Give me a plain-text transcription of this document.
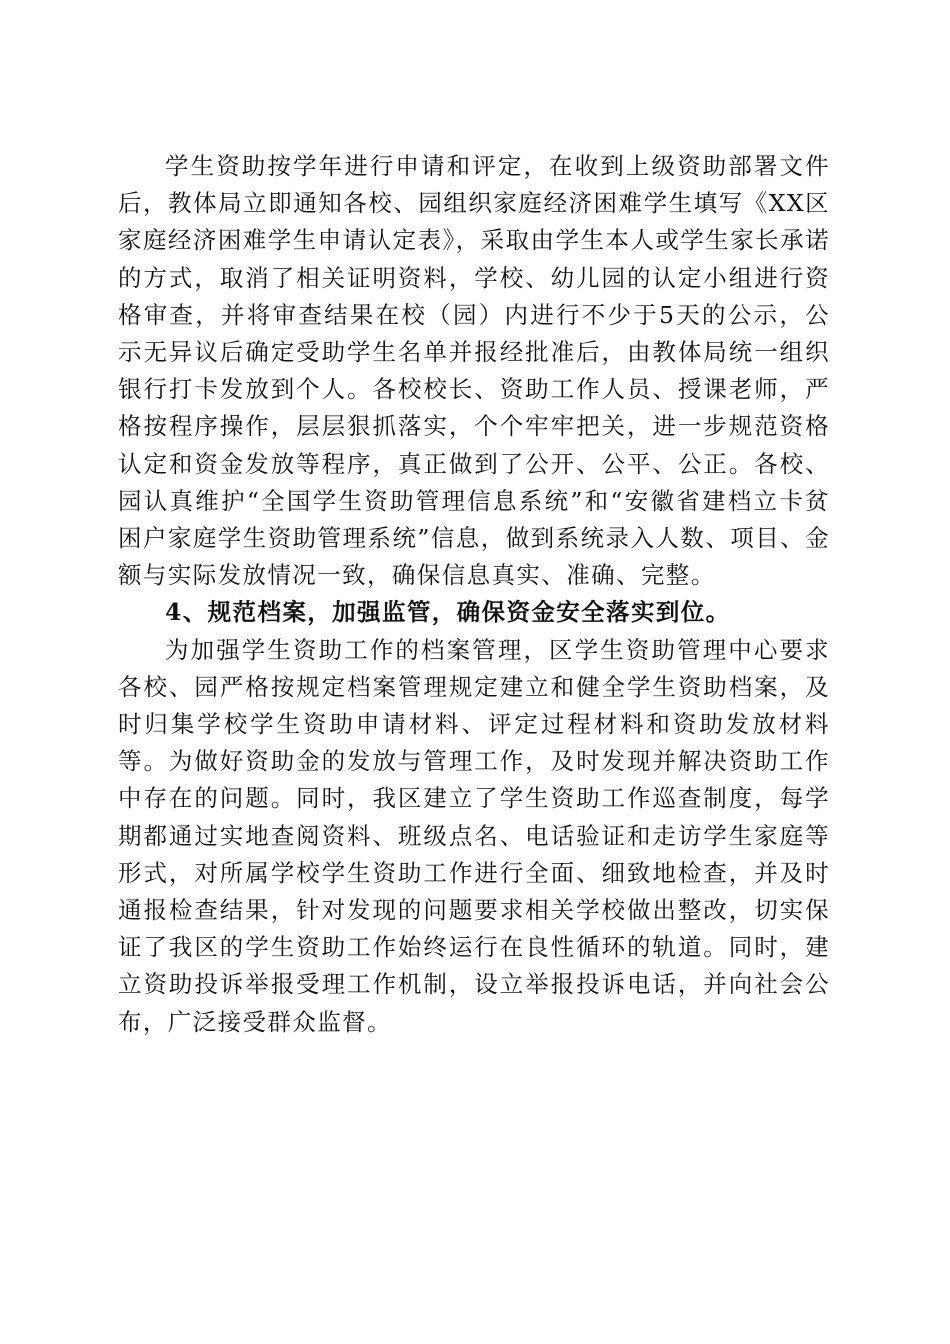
学生资助按学年进行申请和评定，在收到上级资助部署文件后，教体局立即通知各校、园组织家庭经济困难学生填写《XX区家庭经济困难学生申请认定表》，采取由学生本人或学生家长承诺的方式，取消了相关证明资料，学校、幼儿园的认定小组进行资格审查，并将审查结果在校（园）内进行不少于5天的公示，公示无异议后确定受助学生名单并报经批准后，由教体局统一组织银行打卡发放到个人。各校校长、资助工作人员、授课老师，严格按程序操作，层层狠抓落实，个个牢牢把关，进一步规范资格认定和资金发放等程序，真正做到了公开、公平、公正。各校、园认真维护“全国学生资助管理信息系统”和“安徽省建档立卡贫困户家庭学生资助管理系统”信息，做到系统录入人数、项目、金额与实际发放情况一致，确保信息真实、准确、完整。

4、规范档案，加强监管，确保资金安全落实到位。

为加强学生资助工作的档案管理，区学生资助管理中心要求各校、园严格按规定档案管理规定建立和健全学生资助档案，及时归集学校学生资助申请材料、评定过程材料和资助发放材料等。为做好资助金的发放与管理工作，及时发现并解决资助工作中存在的问题。同时，我区建立了学生资助工作巡查制度，每学期都通过实地查阅资料、班级点名、电话验证和走访学生家庭等形式，对所属学校学生资助工作进行全面、细致地检查，并及时通报检查结果，针对发现的问题要求相关学校做出整改，切实保证了我区的学生资助工作始终运行在良性循环的轨道。同时，建立资助投诉举报受理工作机制，设立举报投诉电话，并向社会公布，广泛接受群众监督。
